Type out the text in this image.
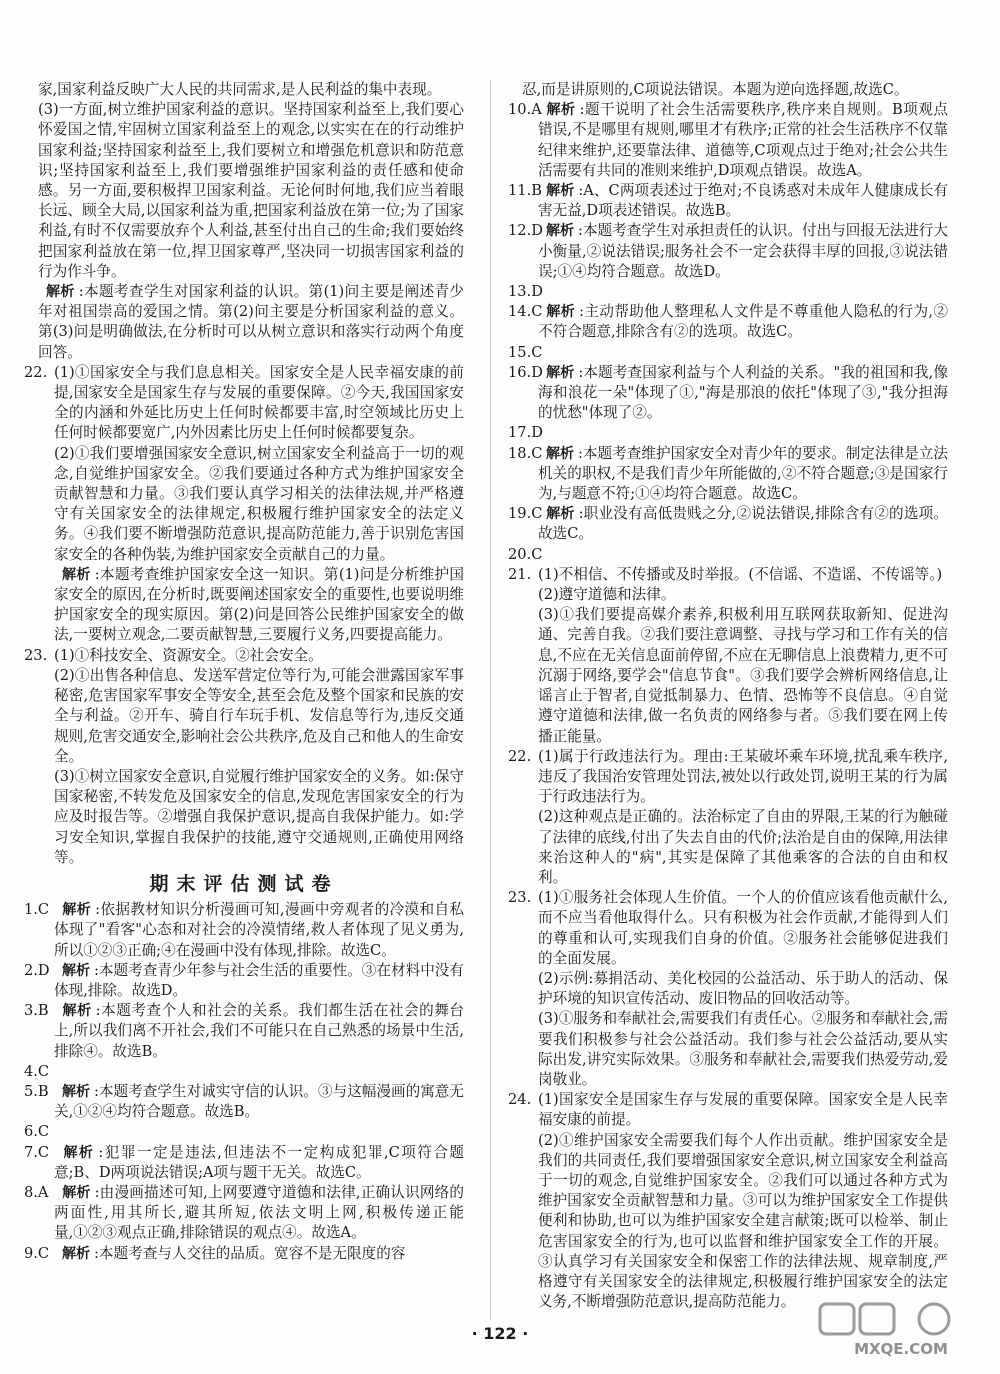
家,国家利益反映广大人民的共同需求,是人民利益的集中表现。

(3)一方面,树立维护国家利益的意识。坚持国家利益至上,我们要心怀爱国之情,牢固树立国家利益至上的观念,以实实在在的行动维护国家利益;坚持国家利益至上,我们要树立和增强危机意识和防范意识;坚持国家利益至上,我们要增强维护国家利益的责任感和使命感。另一方面,要积极捍卫国家利益。无论何时何地,我们应当着眼长远、顾全大局,以国家利益为重,把国家利益放在第一位;为了国家利益,有时不仅需要放弃个人利益,甚至付出自己的生命;我们要始终把国家利益放在第一位,捍卫国家尊严,坚决同一切损害国家利益的行为作斗争。

解析 :本题考查学生对国家利益的认识。第(1)问主要是阐述青少年对祖国崇高的爱国之情。第(2)问主要是分析国家利益的意义。第(3)问是明确做法,在分析时可以从树立意识和落实行动两个角度回答。

22. (1)①国家安全与我们息息相关。国家安全是人民幸福安康的前提,国家安全是国家生存与发展的重要保障。②今天,我国国家安全的内涵和外延比历史上任何时候都要丰富,时空领域比历史上任何时候都要宽广,内外因素比历史上任何时候都要复杂。
(2)①我们要增强国家安全意识,树立国家安全利益高于一切的观念,自觉维护国家安全。②我们要通过各种方式为维护国家安全贡献智慧和力量。③我们要认真学习相关的法律法规,并严格遵守有关国家安全的法律规定,积极履行维护国家安全的法定义务。④我们要不断增强防范意识,提高防范能力,善于识别危害国家安全的各种伪装,为维护国家安全贡献自己的力量。
解析 :本题考查维护国家安全这一知识。第(1)问是分析维护国家安全的原因,在分析时,既要阐述国家安全的重要性,也要说明维护国家安全的现实原因。第(2)问是回答公民维护国家安全的做法,一要树立观念,二要贡献智慧,三要履行义务,四要提高能力。
23. (1)①科技安全、资源安全。②社会安全。
(2)①出售各种信息、发送军营定位等行为,可能会泄露国家军事秘密,危害国家军事安全等安全,甚至会危及整个国家和民族的安全与利益。②开车、骑自行车玩手机、发信息等行为,违反交通规则,危害交通安全,影响社会公共秩序,危及自己和他人的生命安全。
(3)①树立国家安全意识,自觉履行维护国家安全的义务。如:保守国家秘密,不转发危及国家安全的信息,发现危害国家安全的行为应及时报告等。②增强自我保护意识,提高自我保护能力。如:学习安全知识,掌握自我保护的技能,遵守交通规则,正确使用网络等。
期末评估测试卷
1.C 解析 :依据教材知识分析漫画可知,漫画中旁观者的冷漠和自私体现了"看客"心态和对社会的冷漠情绪,救人者体现了见义勇为,所以①②③正确;④在漫画中没有体现,排除。故选C。
2.D 解析 :本题考查青少年参与社会生活的重要性。③在材料中没有体现,排除。故选D。
3.B 解析 :本题考查个人和社会的关系。我们都生活在社会的舞台上,所以我们离不开社会,我们不可能只在自己熟悉的场景中生活,排除④。故选B。
4.C
5.B 解析 :本题考查学生对诚实守信的认识。③与这幅漫画的寓意无关,①②④均符合题意。故选B。
6.C
7.C 解析 :犯罪一定是违法,但违法不一定构成犯罪,C项符合题意;B、D两项说法错误;A项与题干无关。故选C。
8.A 解析 :由漫画描述可知,上网要遵守道德和法律,正确认识网络的两面性,用其所长,避其所短,依法文明上网,积极传递正能量,①②③观点正确,排除错误的观点④。故选A。
9.C 解析 :本题考查与人交往的品质。宽容不是无限度的容

忍,而是讲原则的,C项说法错误。本题为逆向选择题,故选C。

10.A 解析 :题干说明了社会生活需要秩序,秩序来自规则。B项观点错误,不是哪里有规则,哪里才有秩序;正常的社会生活秩序不仅靠纪律来维护,还要靠法律、道德等,C项观点过于绝对;社会公共生活需要有共同的准则来维护,D项观点错误。故选A。
11.B 解析 :A、C两项表述过于绝对;不良诱惑对未成年人健康成长有害无益,D项表述错误。故选B。
12.D 解析 :本题考查学生对承担责任的认识。付出与回报无法进行大小衡量,②说法错误;服务社会不一定会获得丰厚的回报,③说法错误;①④均符合题意。故选D。
13.D
14.C 解析 :主动帮助他人整理私人文件是不尊重他人隐私的行为,②不符合题意,排除含有②的选项。故选C。
15.C
16.D 解析 :本题考查国家利益与个人利益的关系。"我的祖国和我,像海和浪花一朵"体现了①,"海是那浪的依托"体现了③,"我分担海的忧愁"体现了②。
17.D
18.C 解析 :本题考查维护国家安全对青少年的要求。制定法律是立法机关的职权,不是我们青少年所能做的,②不符合题意;③是国家行为,与题意不符;①④均符合题意。故选C。
19.C 解析 :职业没有高低贵贱之分,②说法错误,排除含有②的选项。故选C。
20.C
21. (1)不相信、不传播或及时举报。(不信谣、不造谣、不传谣等。)
(2)遵守道德和法律。
(3)①我们要提高媒介素养,积极利用互联网获取新知、促进沟通、完善自我。②我们要注意调整、寻找与学习和工作有关的信息,不应在无关信息面前停留,不应在无聊信息上浪费精力,更不可沉溺于网络,要学会"信息节食"。③我们要学会辨析网络信息,让谣言止于智者,自觉抵制暴力、色情、恐怖等不良信息。④自觉遵守道德和法律,做一名负责的网络参与者。⑤我们要在网上传播正能量。
22. (1)属于行政违法行为。理由:王某破坏乘车环境,扰乱乘车秩序,违反了我国治安管理处罚法,被处以行政处罚,说明王某的行为属于行政违法行为。
(2)这种观点是正确的。法治标定了自由的界限,王某的行为触碰了法律的底线,付出了失去自由的代价;法治是自由的保障,用法律来治这种人的"病",其实是保障了其他乘客的合法的自由和权利。
23. (1)①服务社会体现人生价值。一个人的价值应该看他贡献什么,而不应当看他取得什么。只有积极为社会作贡献,才能得到人们的尊重和认可,实现我们自身的价值。②服务社会能够促进我们的全面发展。
(2)示例:募捐活动、美化校园的公益活动、乐于助人的活动、保护环境的知识宣传活动、废旧物品的回收活动等。
(3)①服务和奉献社会,需要我们有责任心。②服务和奉献社会,需要我们积极参与社会公益活动。我们参与社会公益活动,要从实际出发,讲究实际效果。③服务和奉献社会,需要我们热爱劳动,爱岗敬业。
24. (1)国家安全是国家生存与发展的重要保障。国家安全是人民幸福安康的前提。
(2)①维护国家安全需要我们每个人作出贡献。维护国家安全是我们的共同责任,我们要增强国家安全意识,树立国家安全利益高于一切的观念,自觉维护国家安全。②我们可以通过各种方式为维护国家安全贡献智慧和力量。③可以为维护国家安全工作提供便利和协助,也可以为维护国家安全建言献策;既可以检举、制止危害国家安全的行为,也可以监督和维护国家安全工作的开展。③认真学习有关国家安全和保密工作的法律法规、规章制度,严格遵守有关国家安全的法律规定,积极履行维护国家安全的法定义务,不断增强防范意识,提高防范能力。
· 122 ·
MXQE.COM
